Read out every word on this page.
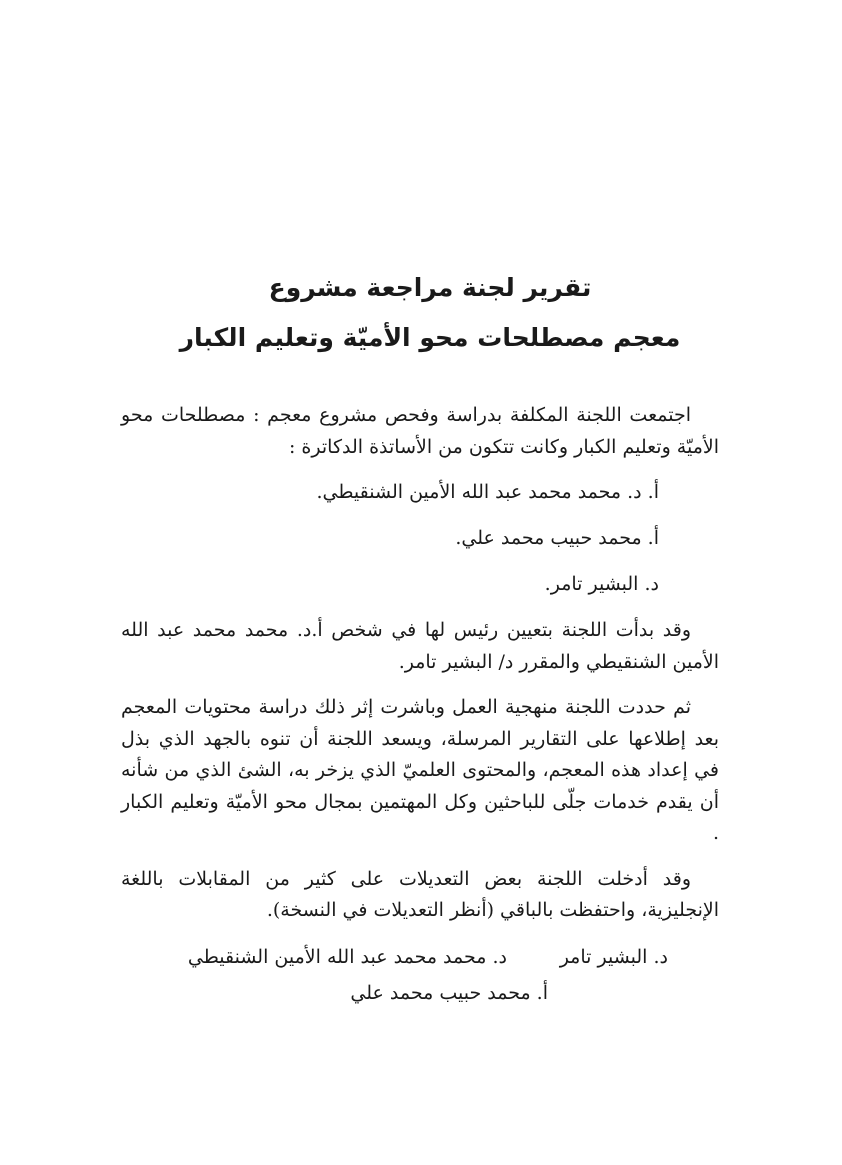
تقرير لجنة مراجعة مشروع

معجم مصطلحات محو الأميّة وتعليم الكبار

اجتمعت اللجنة المكلفة بدراسة وفحص مشروع معجم : مصطلحات محو الأميّة وتعليم الكبار وكانت تتكون من الأساتذة الدكاترة :

أ. د. محمد محمد عبد الله الأمين الشنقيطي.

أ. محمد حبيب محمد علي.

د. البشير تامر.

وقد بدأت اللجنة بتعيين رئيس لها في شخص أ.د. محمد محمد عبد الله الأمين الشنقيطي والمقرر د/ البشير تامر.

ثم حددت اللجنة منهجية العمل وباشرت إثر ذلك دراسة محتويات المعجم بعد إطلاعها على التقارير المرسلة، ويسعد اللجنة أن تنوه بالجهد الذي بذل في إعداد هذه المعجم، والمحتوى العلميّ الذي يزخر به، الشئ الذي من شأنه أن يقدم خدمات جلّى للباحثين وكل المهتمين بمجال محو الأميّة وتعليم الكبار .

وقد أدخلت اللجنة بعض التعديلات على كثير من المقابلات باللغة الإنجليزية، واحتفظت بالباقي (أنظر التعديلات في النسخة).

د. البشير تامر
د. محمد محمد عبد الله الأمين الشنقيطي
أ. محمد حبيب محمد علي
